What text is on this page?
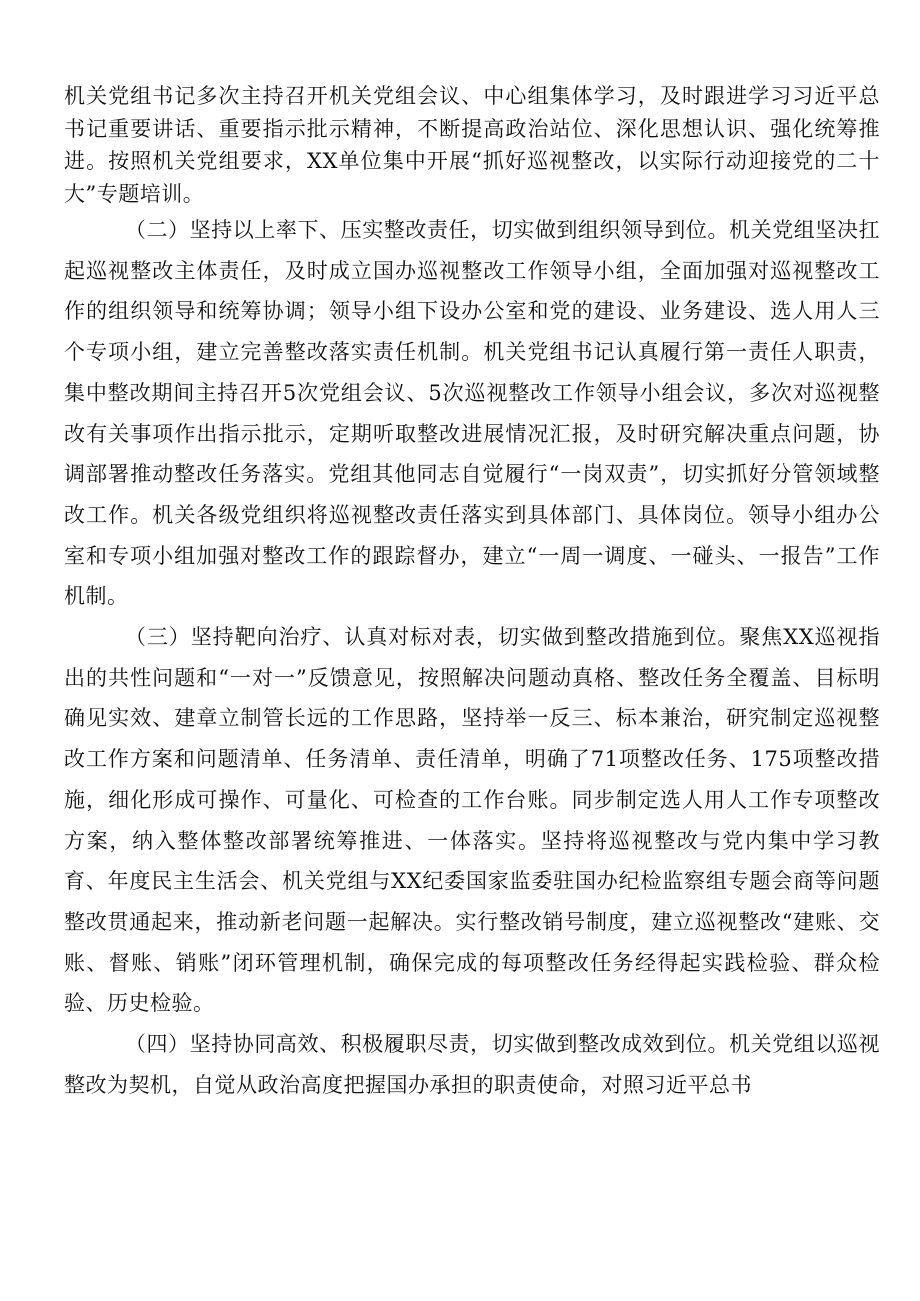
机关党组书记多次主持召开机关党组会议、中心组集体学习，及时跟进学习习近平总书记重要讲话、重要指示批示精神，不断提高政治站位、深化思想认识、强化统筹推进。按照机关党组要求，XX单位集中开展“抓好巡视整改，以实际行动迎接党的二十大”专题培训。

（二）坚持以上率下、压实整改责任，切实做到组织领导到位。机关党组坚决扛起巡视整改主体责任，及时成立国办巡视整改工作领导小组，全面加强对巡视整改工作的组织领导和统筹协调；领导小组下设办公室和党的建设、业务建设、选人用人三个专项小组，建立完善整改落实责任机制。机关党组书记认真履行第一责任人职责，集中整改期间主持召开5次党组会议、5次巡视整改工作领导小组会议，多次对巡视整改有关事项作出指示批示，定期听取整改进展情况汇报，及时研究解决重点问题，协调部署推动整改任务落实。党组其他同志自觉履行“一岗双责”，切实抓好分管领域整改工作。机关各级党组织将巡视整改责任落实到具体部门、具体岗位。领导小组办公室和专项小组加强对整改工作的跟踪督办，建立“一周一调度、一碰头、一报告”工作机制。

（三）坚持靶向治疗、认真对标对表，切实做到整改措施到位。聚焦XX巡视指出的共性问题和“一对一”反馈意见，按照解决问题动真格、整改任务全覆盖、目标明确见实效、建章立制管长远的工作思路，坚持举一反三、标本兼治，研究制定巡视整改工作方案和问题清单、任务清单、责任清单，明确了71项整改任务、175项整改措施，细化形成可操作、可量化、可检查的工作台账。同步制定选人用人工作专项整改方案，纳入整体整改部署统筹推进、一体落实。坚持将巡视整改与党内集中学习教育、年度民主生活会、机关党组与XX纪委国家监委驻国办纪检监察组专题会商等问题整改贯通起来，推动新老问题一起解决。实行整改销号制度，建立巡视整改“建账、交账、督账、销账”闭环管理机制，确保完成的每项整改任务经得起实践检验、群众检验、历史检验。

（四）坚持协同高效、积极履职尽责，切实做到整改成效到位。机关党组以巡视整改为契机，自觉从政治高度把握国办承担的职责使命，对照习近平总书
